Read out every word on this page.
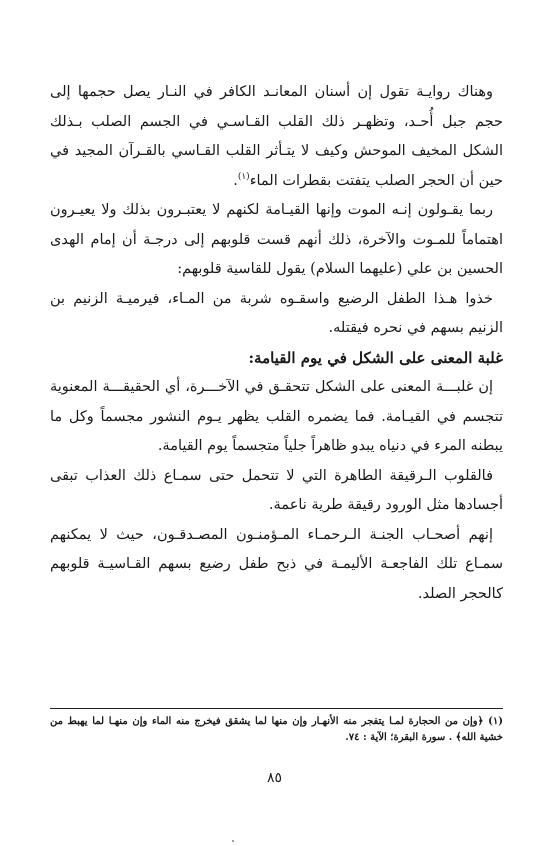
وهناك روايـة تقول إن أسنان المعانـد الكافر في النـار يصل حجمها إلى حجم جبل أُحـد، وتظهـر ذلك القلب القـاسـي في الجسم الصلب بـذلك الشكل المخيف الموحش وكيف لا يتـأثر القلب القـاسي بالقـرآن المجيد في حين أن الحجر الصلب يتفتت بقطرات الماء$^{(١)}$.

ربما يقـولون إنـه الموت وإنها القيـامة لكنهم لا يعتبـرون بذلك ولا يعيـرون اهتماماً للمـوت والآخرة، ذلك أنهم قست قلوبهم إلى درجـة أن إمام الهدى الحسين بن علي (عليهما السلام) يقول للقاسية قلوبهم:

خذوا هـذا الطفل الرضيع واسقـوه شربة من المـاء، فيرميـة الزنيم بن الزنيم بسهم في نحره فيقتله.

غلبة المعنى على الشكل في يوم القيامة:

إن غلبـــة المعنى على الشكل تتحقـق في الآخـــرة، أي الحقيقـــة المعنوية تتجسم في القيـامة. فما يضمره القلب يظهر يـوم النشور مجسماً وكل ما يبطنه المرء في دنياه يبدو ظاهراً جلياً متجسماً يوم القيامة.

فالقلوب الـرقيقة الطاهرة التي لا تتحمل حتى سمـاع ذلك العذاب تبقى أجسادها مثل الورود رقيقة طرية ناعمة.

إنهم أصحـاب الجنـة الـرحمـاء المـؤمنـون المصـدقـون، حيث لا يمكنهم سمـاع تلك الفاجعـة الأليمـة في ذبح طفل رضيع بسهم القـاسيـة قلوبهم كالحجر الصلد.

(١) ﴿وإن من الحجارة لمـا يتفجر منه الأنهـار وإن منها لما يشقق فيخرج منه الماء وإن منهـا لما يهبط من خشية الله﴾ . سورة البقرة؛ الآية : ٧٤.

٨٥
